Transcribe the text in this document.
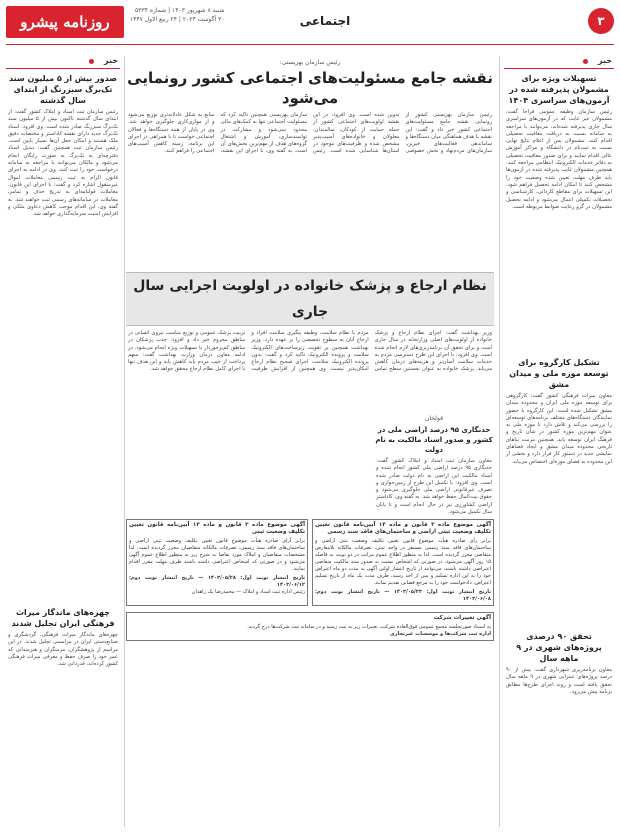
روزنامه پیشرو
شنبه ۸ شهریور ۱۴۰۳ | شماره ۵۳۳۴
۳۰ آگوست ۲۰۲۴ | ۲۴ ربیع الاول ۱۴۴۷	اجتماعی	۳
خبر
تسهیلات ویژه برای مشمولان پذیرفته شده در آزمون‌های سراسری ۱۴۰۴
رئیس سازمان وظیفه عمومی فراجا گفت: مشمولان غیر غایب که در آزمون‌های سراسری سال جاری پذیرفته شده‌اند، می‌توانند با مراجعه به سامانه نسبت به دریافت معافیت تحصیلی اقدام کنند. مشمولان پس از اعلام نتایج نهایی نسبت به ثبت‌نام در دانشگاه و مراکز آموزش عالی اقدام نمایند و برای صدور معافیت تحصیلی به دفاتر خدمات الکترونیک انتظامی مراجعه کنند. همچنین مشمولان غایب پذیرفته شده در آزمون‌ها باید ظرف مهلت تعیین شده وضعیت خود را مشخص کنند تا امکان ادامه تحصیل فراهم شود. این تسهیلات برای مقاطع کاردانی، کارشناسی و تحصیلات تکمیلی اعمال می‌شود و ادامه تحصیل مشمولان در گرو رعایت ضوابط مربوطه است.
تشکیل کارگروه برای توسعه موزه ملی و میدان مشق
معاون میراث فرهنگی کشور گفت: کارگروهی برای توسعه موزه ملی ایران و محدوده میدان مشق تشکیل شده است. این کارگروه با حضور نمایندگان دستگاه‌های مختلف برنامه‌های توسعه‌ای را بررسی می‌کند و تلاش دارد تا موزه ملی به عنوان مهم‌ترین موزه کشور در شأن تاریخ و فرهنگ ایران توسعه یابد. همچنین مرمت بناهای تاریخی محدوده میدان مشق و ایجاد فضاهای نمایشی جدید در دستور کار قرار دارد و بخشی از این محدوده به فضای موزه‌ای اختصاص می‌یابد.
تحقق ۹۰ درصدی پروژه‌های شهری در ۹ ماهه سال
معاون برنامه‌ریزی شهرداری گفت: بیش از ۹۰ درصد پروژه‌های عمرانی شهری در ۹ ماهه سال تحقق یافته است و روند اجرای طرح‌ها مطابق برنامه پیش می‌رود.
رئیس سازمان بهزیستی:
نقشه جامع مسئولیت‌های اجتماعی کشور رونمایی می‌شود
رئیس سازمان بهزیستی کشور از رونمایی نقشه جامع مسئولیت‌های اجتماعی کشور خبر داد و گفت: این نقشه با هدف هماهنگی میان دستگاه‌ها و ساماندهی فعالیت‌های خیرین، سازمان‌های مردم‌نهاد و بخش خصوصی تدوین شده است. وی افزود: در این نقشه اولویت‌های اجتماعی کشور از جمله حمایت از کودکان، سالمندان، معلولان و خانواده‌های آسیب‌پذیر مشخص شده و ظرفیت‌های موجود در استان‌ها شناسایی شده است. رئیس سازمان بهزیستی همچنین تاکید کرد که مسئولیت اجتماعی تنها به کمک‌های مالی محدود نمی‌شود و مشارکت در توانمندسازی، آموزش و اشتغال گروه‌های هدف از مهم‌ترین بخش‌های آن است. به گفته وی، با اجرای این نقشه، منابع به شکل عادلانه‌تری توزیع می‌شود و از موازی‌کاری جلوگیری خواهد شد. وی در پایان از همه دستگاه‌ها و فعالان اجتماعی خواست تا با همراهی در اجرای این برنامه، زمینه کاهش آسیب‌های اجتماعی را فراهم کنند.
نظام ارجاع و پزشک خانواده در اولویت اجرایی سال جاری
وزیر بهداشت گفت: اجرای نظام ارجاع و پزشک خانواده از اولویت‌های اصلی وزارتخانه در سال جاری است و برای تحقق آن برنامه‌ریزی‌های لازم انجام شده است. وی افزود: با اجرای این طرح دسترسی مردم به خدمات سلامت آسان‌تر و هزینه‌های درمان کاهش می‌یابد. پزشک خانواده به عنوان نخستین سطح تماس مردم با نظام سلامت، وظیفه پیگیری سلامت افراد و ارجاع آنان به سطوح تخصصی را بر عهده دارد. وزیر بهداشت همچنین بر تقویت زیرساخت‌های الکترونیک سلامت و پرونده الکترونیک تاکید کرد و گفت: بدون پرونده الکترونیک سلامت، اجرای صحیح نظام ارجاع امکان‌پذیر نیست. وی همچنین از افزایش ظرفیت تربیت پزشک عمومی و توزیع مناسب نیروی انسانی در مناطق محروم خبر داد و افزود: جذب پزشکان در مناطق کم‌برخوردار با تسهیلات ویژه انجام می‌شود. در ادامه معاون درمان وزارت بهداشت گفت: سهم پرداخت از جیب مردم باید کاهش یابد و این هدف تنها با اجرای کامل نظام ارجاع محقق خواهد شد.
قولخان
حدنگاری ۹۵ درصد اراضی ملی در کشور و صدور اسناد مالکیت به نام دولت
معاون سازمان ثبت اسناد و املاک کشور گفت: حدنگاری ۹۵ درصد اراضی ملی کشور انجام شده و اسناد مالکیت این اراضی به نام دولت صادر شده است. وی افزود: با تکمیل این طرح از زمین‌خواری و تصرف غیرقانونی اراضی ملی جلوگیری می‌شود و حقوق بیت‌المال حفظ خواهد شد. به گفته وی، کاداستر اراضی کشاورزی نیز در حال انجام است و تا پایان سال تکمیل می‌شود.
آگهی موضوع ماده ۳ قانون و ماده ۱۳ آیین‌نامه قانون تعیین تکلیف وضعیت ثبتی اراضی و ساختمان‌های فاقد سند رسمی
برابر رأی صادره هیأت موضوع قانون تعیین تکلیف وضعیت ثبتی اراضی و ساختمان‌های فاقد سند رسمی مستقر در واحد ثبتی، تصرفات مالکانه بلامعارض متقاضی محرز گردیده است. لذا به منظور اطلاع عموم مراتب در دو نوبت به فاصله ۱۵ روز آگهی می‌شود. در صورتی که اشخاص نسبت به صدور سند مالکیت متقاضی اعتراضی داشته باشند، می‌توانند از تاریخ انتشار اولین آگهی به مدت دو ماه اعتراض خود را به این اداره تسلیم و پس از اخذ رسید، ظرف مدت یک ماه از تاریخ تسلیم اعتراض، دادخواست خود را به مرجع قضایی تقدیم نمایند.
تاریخ انتشار نوبت اول: ۱۴۰۳/۰۵/۲۳ — تاریخ انتشار نوبت دوم: ۱۴۰۳/۰۶/۰۸
آگهی موضوع ماده ۳ قانون و ماده ۱۳ آیین‌نامه قانون تعیین تکلیف وضعیت ثبتی
برابر آرای صادره هیأت موضوع قانون تعیین تکلیف وضعیت ثبتی اراضی و ساختمان‌های فاقد سند رسمی، تصرفات مالکانه متقاضیان محرز گردیده است. لذا مشخصات متقاضیان و املاک مورد تقاضا به شرح زیر به منظور اطلاع عموم آگهی می‌شود و در صورتی که اشخاص اعتراضی داشته باشند ظرف مهلت مقرر اقدام نمایند.
تاریخ انتشار نوبت اول: ۱۴۰۳/۰۵/۲۸ — تاریخ انتشار نوبت دوم: ۱۴۰۳/۰۶/۱۲
رئیس اداره ثبت اسناد و املاک — محمدرضا یک زاهدان
آگهی تغییرات شرکت
به استناد صورتجلسه مجمع عمومی فوق‌العاده شرکت، تغییرات زیر به ثبت رسید و در سامانه ثبت شرکت‌ها درج گردید.
اداره ثبت شرکت‌ها و موسسات غیرتجاری
خبر
صدور بیش از ۵ میلیون سند تک‌برگ سبزرنگ از ابتدای سال گذشته
رئیس سازمان ثبت اسناد و املاک کشور گفت: از ابتدای سال گذشته تاکنون بیش از ۵ میلیون سند تک‌برگ سبزرنگ صادر شده است. وی افزود: اسناد تک‌برگ جدید دارای نقشه کاداستر و مختصات دقیق ملک هستند و امکان جعل آن‌ها بسیار پایین است. رئیس سازمان ثبت همچنین گفت: تبدیل اسناد دفترچه‌ای به تک‌برگ به صورت رایگان انجام می‌شود و مالکان می‌توانند با مراجعه به سامانه درخواست خود را ثبت کنند. وی در ادامه به اجرای قانون الزام به ثبت رسمی معاملات اموال غیرمنقول اشاره کرد و گفت: با اجرای این قانون، معاملات قولنامه‌ای به تدریج حذف و تمامی معاملات در سامانه‌های رسمی ثبت خواهند شد. به گفته وی، این اقدام موجب کاهش دعاوی ملکی و افزایش امنیت سرمایه‌گذاری خواهد شد.
چهره‌های ماندگار میراث فرهنگی ایران تجلیل شدند
چهره‌های ماندگار میراث فرهنگی، گردشگری و صنایع‌دستی ایران در مراسمی تجلیل شدند. در این مراسم از پژوهشگران، مرمتگران و هنرمندانی که عمر خود را صرف حفظ و معرفی میراث فرهنگی کشور کرده‌اند، قدردانی شد.
